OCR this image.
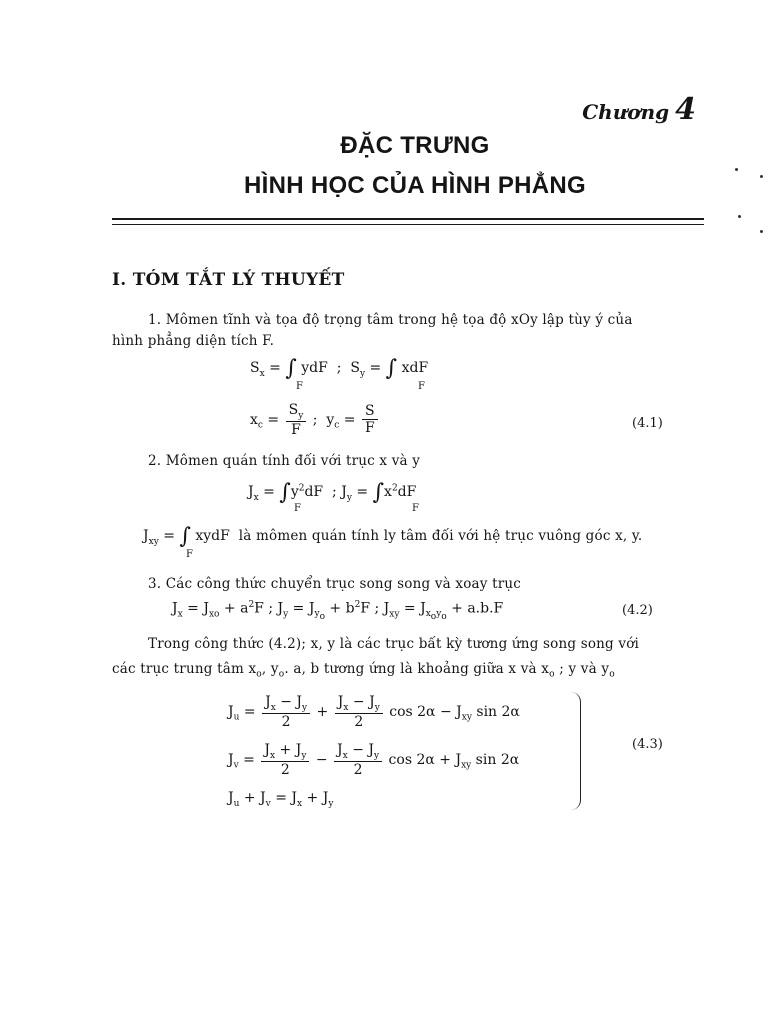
Chương 4
ĐẶC TRƯNG
HÌNH HỌC CỦA HÌNH PHẲNG
I. TÓM TẮT LÝ THUYẾT
1. Mômen tĩnh và tọa độ trọng tâm trong hệ tọa độ xOy lập tùy ý của
hình phẳng diện tích F.
$S_x$ = ∫ ydF  ;  $S_y$ = ∫ xdF
F	F
$x_c = \frac{S_y}{F}$ ;  $y_c = \frac{S}{F}$	(4.1)
2. Mômen quán tính đối với trục x và y
$J_x = \int y^2dF$  ; $J_y = \int x^2dF$
F	F
$J_{xy}$ = ∫ xydF  là mômen quán tính ly tâm đối với hệ trục vuông góc x, y.
F
3. Các công thức chuyển trục song song và xoay trục
$J_x = J_{xo} + a^2F$ ; $J_y = J_{y_o} + b^2F$ ; $J_{xy} = J_{x_oy_o} + a.b.F$	(4.2)
Trong công thức (4.2); x, y là các trục bất kỳ tương ứng song song với
các trục trung tâm $x_o$, $y_o$. a, b tương ứng là khoảng giữa x và $x_o$ ; y và $y_o$
$J_u = \frac{J_x - J_y}{2} + \frac{J_x - J_y}{2}$ $\cos 2\alpha - J_{xy}$ sin 2α
$J_v = \frac{J_x + J_y}{2} - \frac{J_x - J_y}{2}$ $\cos 2\alpha + J_{xy}$ sin 2α
$J_u + J_v = J_x + J_y$
(4.3)
